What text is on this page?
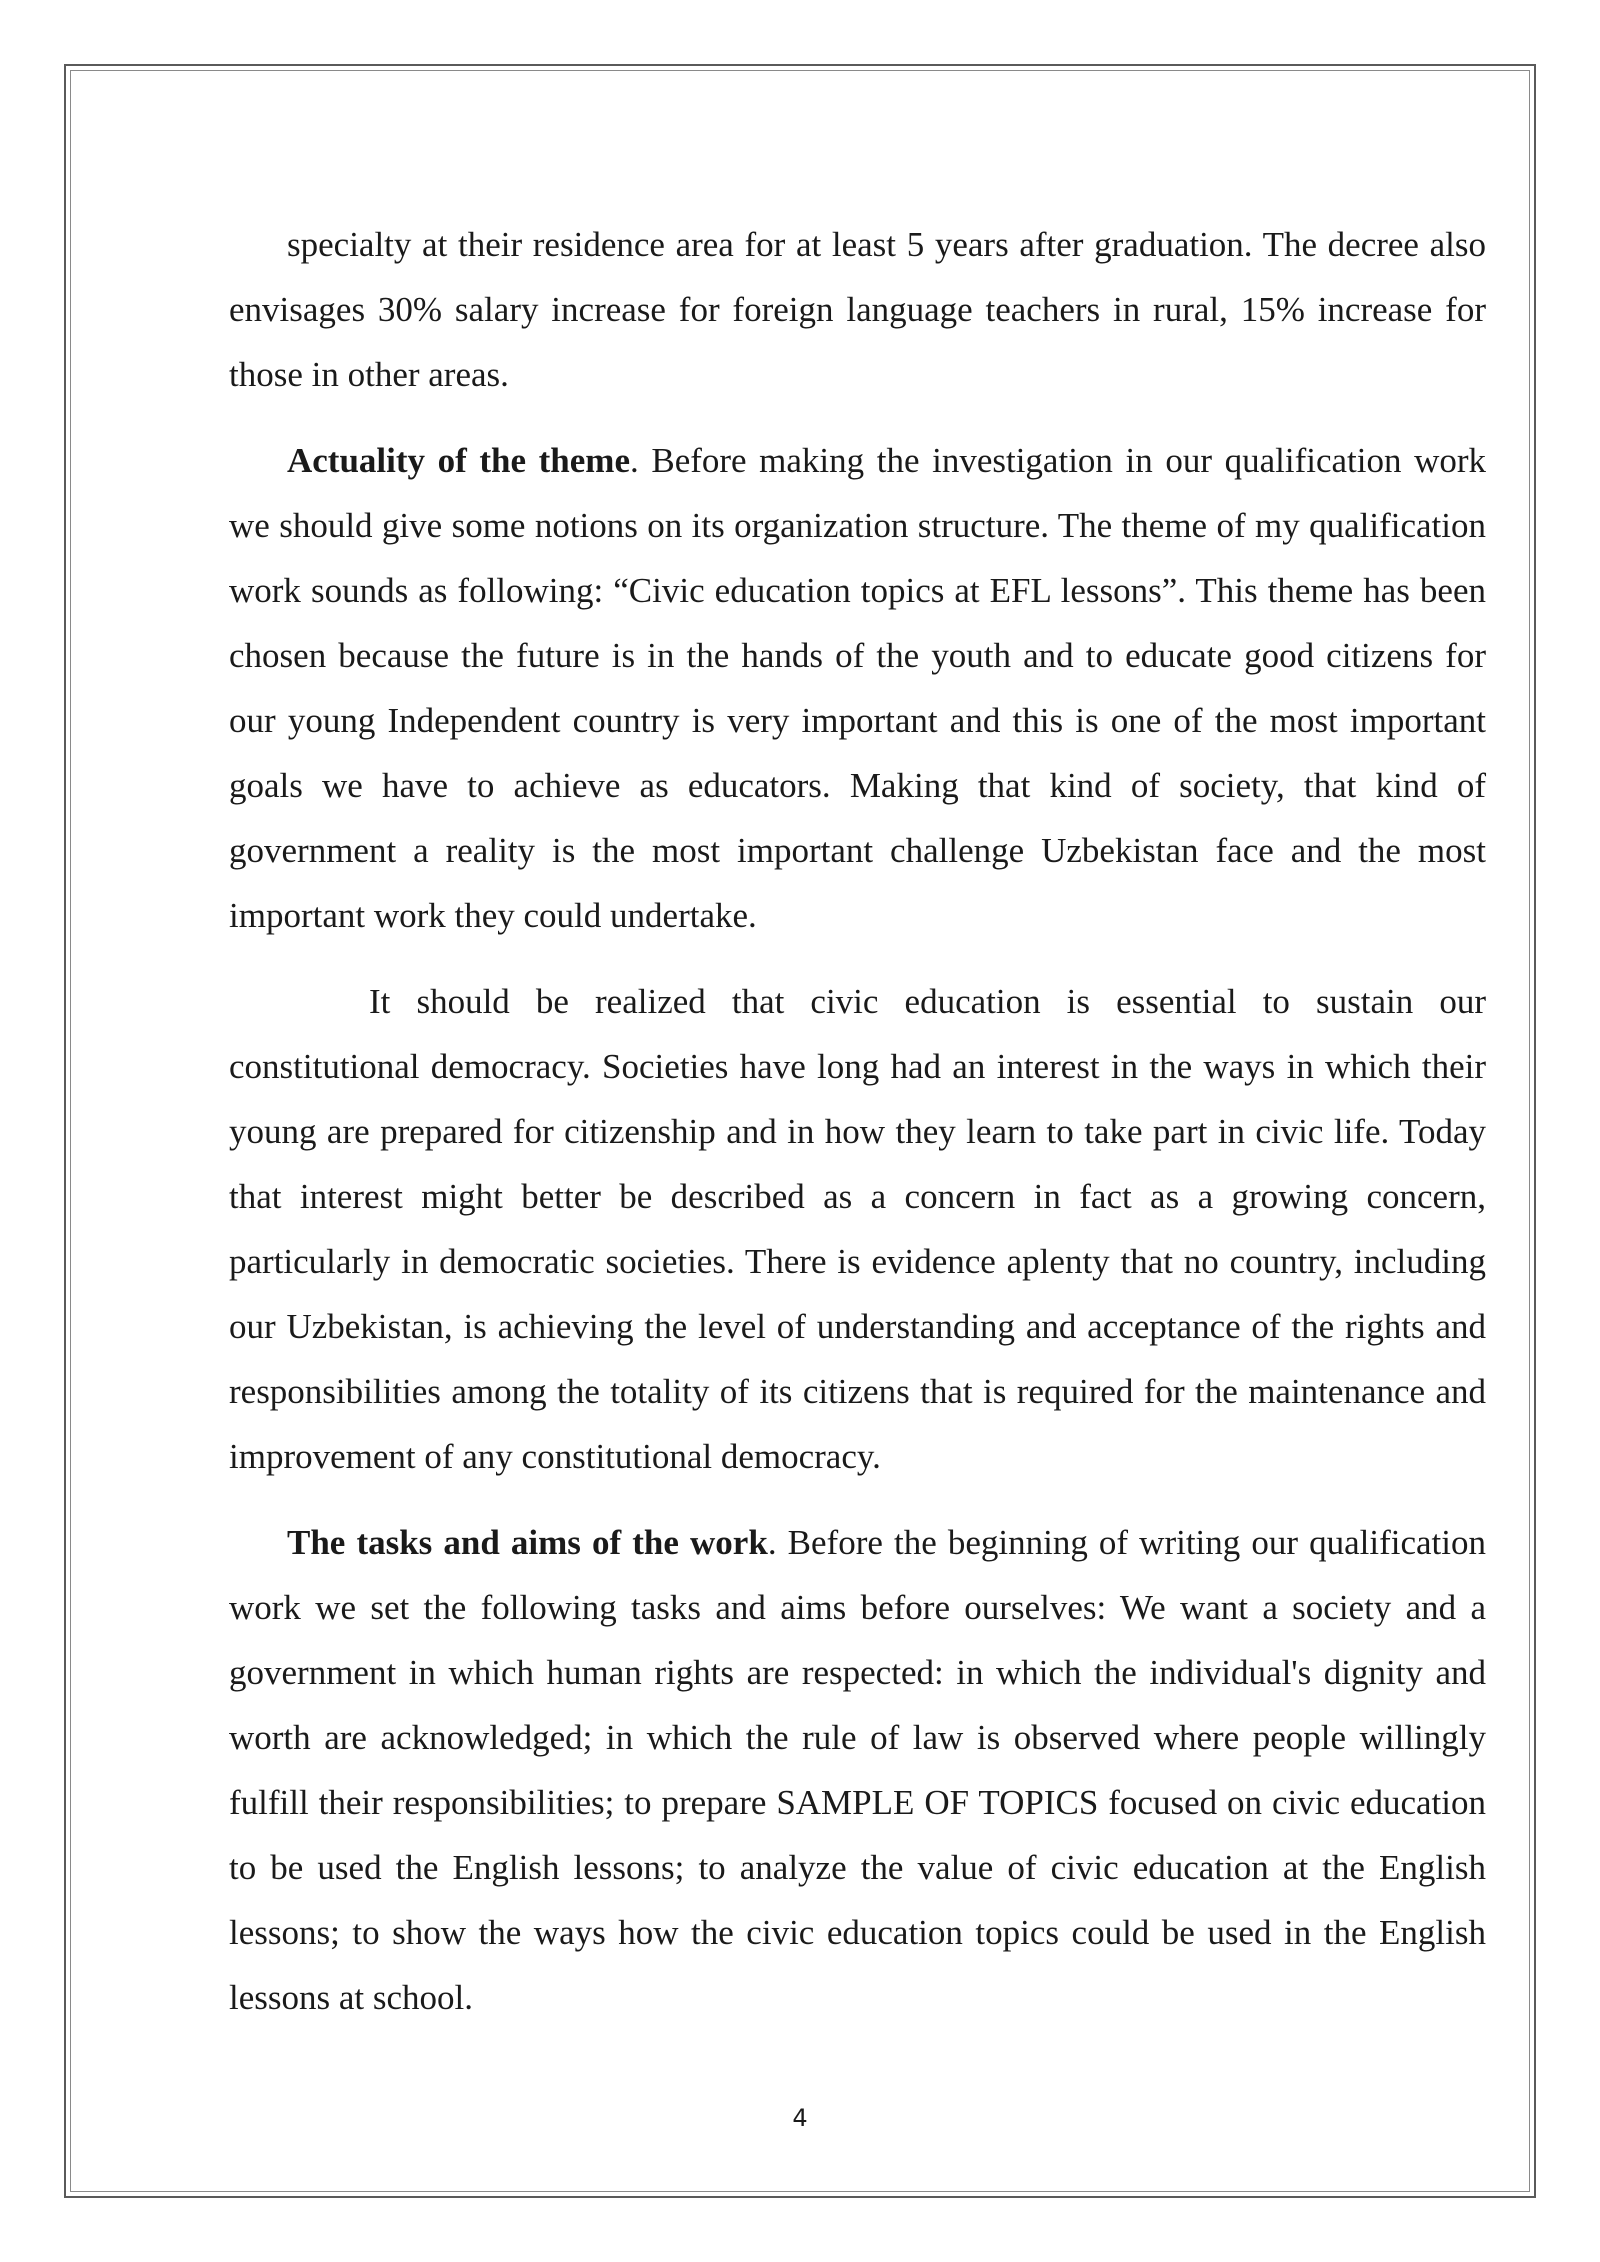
specialty at their residence area for at least 5 years after graduation. The decree also envisages 30% salary increase for foreign language teachers in rural, 15% increase for those in other areas.

Actuality of the theme. Before making the investigation in our qualification work we should give some notions on its organization structure. The theme of my qualification work sounds as following: “Civic education topics at EFL lessons”. This theme has been chosen because the future is in the hands of the youth and to educate good citizens for our young Independent country is very important and this is one of the most important goals we have to achieve as educators. Making that kind of society, that kind of government a reality is the most important challenge Uzbekistan face and the most important work they could undertake.

It should be realized that civic education is essential to sustain our constitutional democracy. Societies have long had an interest in the ways in which their young are prepared for citizenship and in how they learn to take part in civic life. Today that interest might better be described as a concern in fact as a growing concern, particularly in democratic societies. There is evidence aplenty that no country, including our Uzbekistan, is achieving the level of understanding and acceptance of the rights and responsibilities among the totality of its citizens that is required for the maintenance and improvement of any constitutional democracy.

The tasks and aims of the work. Before the beginning of writing our qualification work we set the following tasks and aims before ourselves: We want a society and a government in which human rights are respected: in which the individual's dignity and worth are acknowledged; in which the rule of law is observed where people willingly fulfill their responsibilities; to prepare SAMPLE OF TOPICS focused on civic education to be used the English lessons; to analyze the value of civic education at the English lessons; to show the ways how the civic education topics could be used in the English lessons at school.

4
